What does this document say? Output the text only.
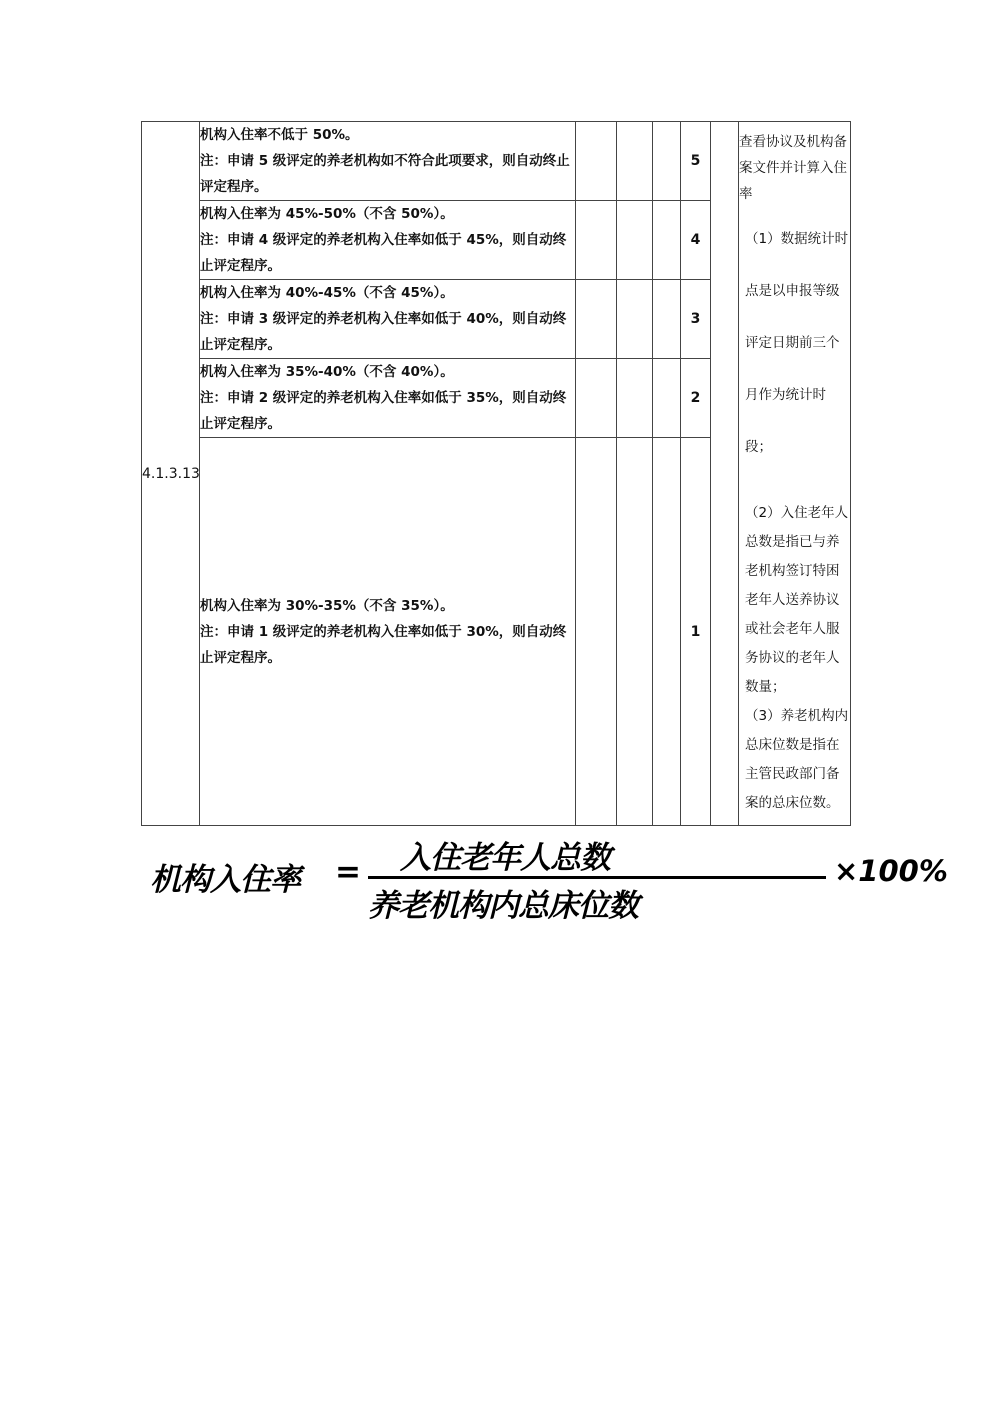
4.1.3.13	机构入住率不低于 50%。
注：申请 5 级评定的养老机构如不符合此项要求，则自动终止评定程序。				5		查看协议及机构备案文件并计算入住率
（1）数据统计时点是以申报等级评定日期前三个月作为统计时段；
（2）入住老年人总数是指已与养老机构签订特困老年人送养协议或社会老年人服务协议的老年人数量；
（3）养老机构内总床位数是指在主管民政部门备案的总床位数。

	机构入住率为 45%-50%（不含 50%）。
注：申请 4 级评定的养老机构入住率如低于 45%，则自动终止评定程序。				4		

	机构入住率为 40%-45%（不含 45%）。
注：申请 3 级评定的养老机构入住率如低于 40%，则自动终止评定程序。				3		

	机构入住率为 35%-40%（不含 40%）。
注：申请 2 级评定的养老机构入住率如低于 35%，则自动终止评定程序。				2		

	机构入住率为 30%-35%（不含 35%）。
注：申请 1 级评定的养老机构入住率如低于 30%，则自动终止评定程序。				1		
机构入住率 = 入住老年人总数
养老机构内总床位数
×100%
